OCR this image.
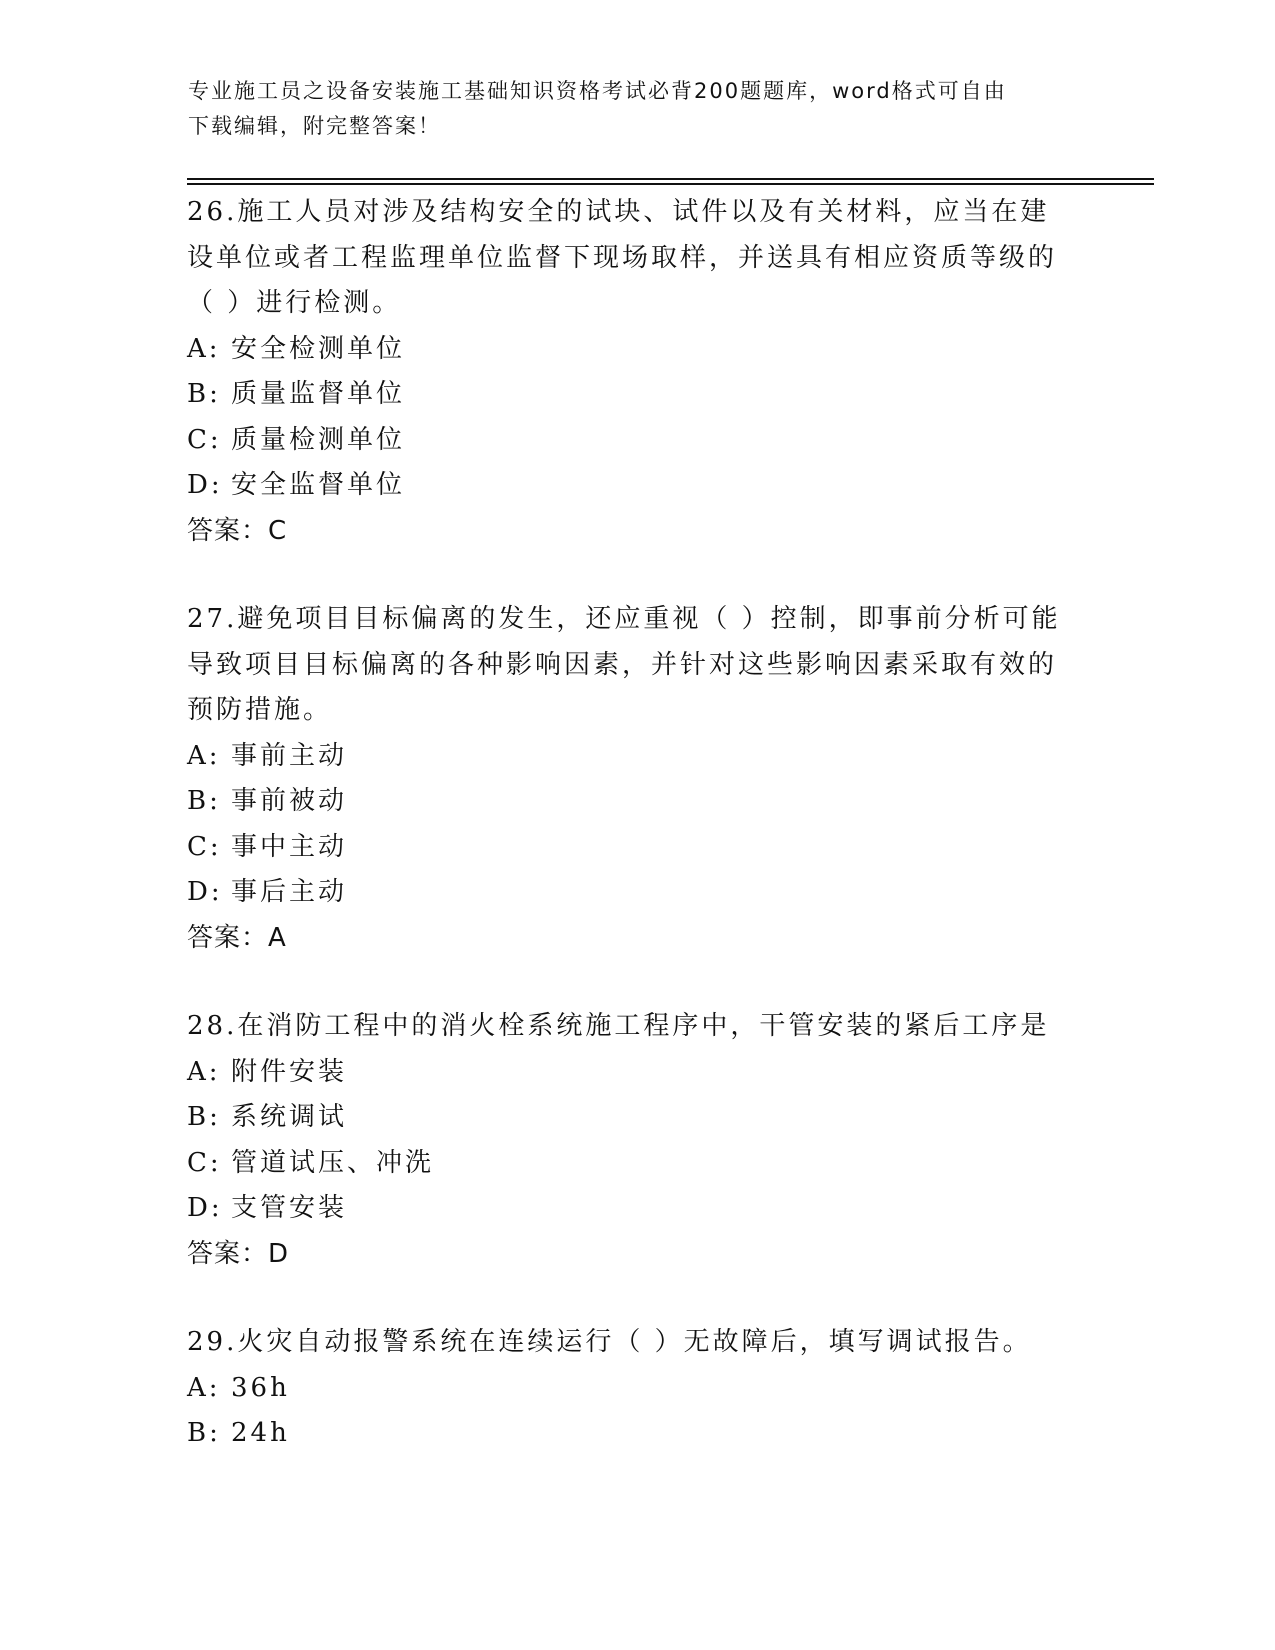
专业施工员之设备安装施工基础知识资格考试必背200题题库，word格式可自由
下载编辑，附完整答案！

26.施工人员对涉及结构安全的试块、试件以及有关材料，应当在建设单位或者工程监理单位监督下现场取样，并送具有相应资质等级的（ ）进行检测。

A: 安全检测单位

B: 质量监督单位

C: 质量检测单位

D: 安全监督单位

答案：C

27.避免项目目标偏离的发生，还应重视（ ）控制，即事前分析可能导致项目目标偏离的各种影响因素，并针对这些影响因素采取有效的预防措施。

A: 事前主动

B: 事前被动

C: 事中主动

D: 事后主动

答案：A

28.在消防工程中的消火栓系统施工程序中，干管安装的紧后工序是

A: 附件安装

B: 系统调试

C: 管道试压、冲洗

D: 支管安装

答案：D

29.火灾自动报警系统在连续运行（ ）无故障后，填写调试报告。

A: 36h

B: 24h
